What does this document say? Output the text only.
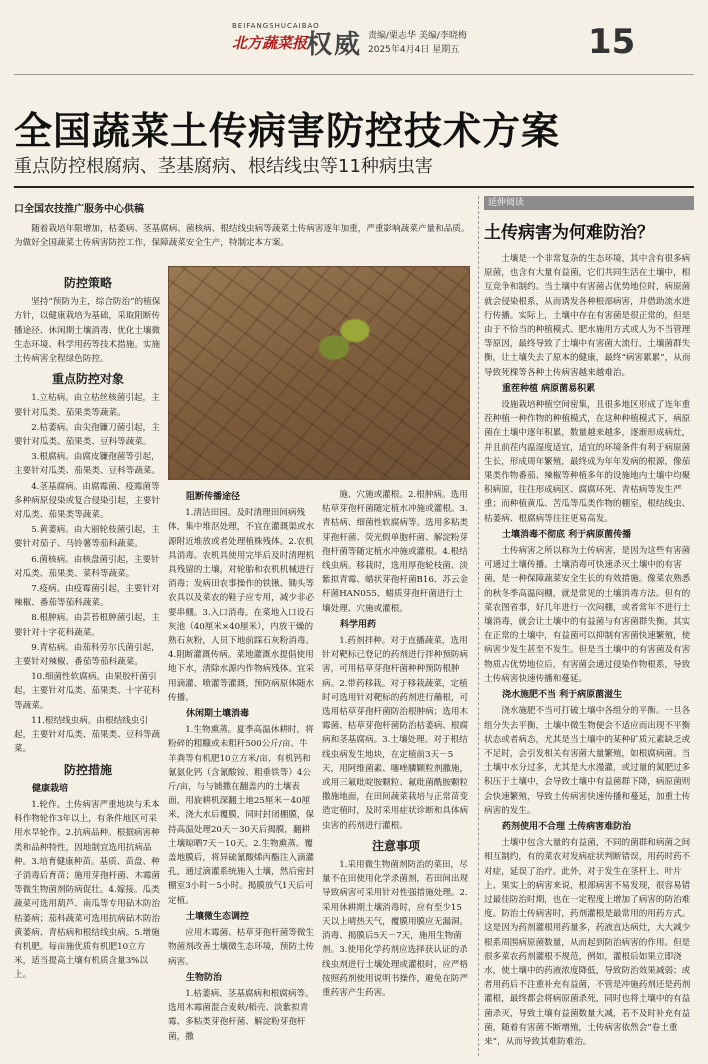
BEIFANGSHUCAIBAO
北方蔬菜报
权威 责编/栗志华 美编/李晓梅
2025年4月4日 星期五	15
全国蔬菜土传病害防控技术方案
重点防控根腐病、茎基腐病、根结线虫等11种病虫害
口全国农技推广服务中心供稿
随着栽培年限增加，枯萎病、茎基腐病、菌核病、根结线虫病等蔬菜土传病害逐年加重，严重影响蔬菜产量和品质。为做好全国蔬菜土传病害防控工作，保障蔬菜安全生产，特制定本方案。
防控策略

坚持“预防为主，综合防治”的植保方针，以健康栽培为基础，采取阻断传播途径、休闲期土壤消毒、优化土壤微生态环境、科学用药等技术措施。实施土传病害全程绿色防控。

重点防控对象

1.立枯病。由立枯丝核菌引起，主要针对瓜类、茄果类等蔬菜。

2.枯萎病。由尖孢镰刀菌引起，主要针对瓜类、茄果类、豆科等蔬菜。

3.根腐病。由腐皮镰孢菌等引起，主要针对瓜类、茄果类、豆科等蔬菜。

4.茎基腐病。由腐霉菌、疫霉菌等多种病原侵染或复合侵染引起，主要针对瓜类、茄果类等蔬菜。

5.黄萎病。由大丽轮枝菌引起，主要针对茄子、马铃薯等茄科蔬菜。

6.菌核病。由核盘菌引起，主要针对瓜类、茄果类、菜科等蔬菜。

7.疫病。由疫霉菌引起，主要针对辣椒、番茄等茄科蔬菜。

8.根肿病。由芸苔根肿菌引起，主要针对十字花科蔬菜。

9.青枯病。由茄科劳尔氏菌引起，主要针对辣椒、番茄等茄科蔬菜。

10.细菌性软腐病。由果胶杆菌引起，主要针对瓜类、茄果类、十字花科等蔬菜。

11.根结线虫病。由根结线虫引起，主要针对瓜类、茄果类、豆科等蔬菜。

防控措施
健康栽培

1.轮作。土传病害严重地块与禾本科作物轮作3年以上，有条件地区可采用水旱轮作。2.抗病品种。根据病害种类和品种特性，因地制宜选用抗病品种。3.培育健康种苗。基质、苗盘、种子消毒后育苗；施用芽孢杆菌、木霉菌等微生物菌剂防病促壮。4.嫁接。瓜类蔬菜可选用葫芦、南瓜等专用砧木防治枯萎病；茄科蔬菜可选用抗病砧木防治黄萎病、青枯病和根结线虫病。5.增施有机肥。每亩施优质有机肥10立方米，适当提高土壤有机质含量3%以上。

阻断传播途径

1.清洁田园。及时清理田间病残体，集中堆沤处理，不宜在灌溉渠或水源附近堆放或者处理植株残体。2.农机具消毒。农机具使用完毕后及时清理机具残留的土壤，对轮胎和农机机械进行消毒；发病田农事操作的铁锹、锄头等农具以及菜农的鞋子应专用，减少非必要串棚。3.入口消毒。在菜地入口设石灰池（40厘米×40厘米），内放干燥的熟石灰粉，人员下地前踩石灰粉消毒。4.阻断灌溉传病。菜地灌溉水提倡使用地下水，清除水源内作物病残体。宜采用滴灌、喷灌等灌溉，预防病原体随水传播。

休闲期土壤消毒

1.生物熏蒸。夏季高温休耕时，将粉碎的粗糠或未粗秆500公斤/亩、牛羊粪等有机肥10立方米/亩、有机钙和氰氨化钙（含氰酸铵、粗垂铁等）4公斤/亩，与与铺撒在翻盖内的土壤表面，用旋耕机深翻土地25厘米－40厘米，浇大水后覆膜，同时封闭棚膜，保持高温处理20天－30天后揭膜，翻耕土壤晾晒7天－10天。2.生物熏蒸。覆盖地膜后，将异硫氰酸烯丙酯注入滴灌孔，通过滴灌系统施入土壤，然后密封棚室3小时－5小时。揭膜放气1天后可定植。

土壤微生态调控

应用木霉菌、枯草芽孢杆菌等微生物菌剂改善土壤微生态环境，预防土传病害。

生物防治

1.枯萎病、茎基腐病和根腐病等。选用木霉菌混合麦麸/稻壳、淡紫拟青霉、多粘类芽孢杆菌、解淀粉芽孢杆菌，撒

施、穴施或灌根。2.根肿病。选用枯草芽孢杆菌随定植水冲施或灌根。3.青枯病、细菌性软腐病等。选用多粘类芽孢杆菌、荧光假单胞杆菌、解淀粉芽孢杆菌等随定植水冲施或灌根。4.根结线虫病。移栽时，选用厚孢轮枝菌、淡紫拟青霉、蜡状芽孢杆菌B16、苏云金杆菌HAN055、蜡质芽孢杆菌进行土壤处理、穴施或灌根。

科学用药

1.药剂拌种。对于直播蔬菜，选用针对靶标已登记的药剂进行拌种预防病害，可用枯草芽孢杆菌种种预防根肿病。2.带药移栽。对于移栽蔬菜，定植时可选用针对靶标的药剂进行蘸根，可选用枯草芽孢杆菌防治根肿病；选用木霉菌、枯草芽孢杆菌防治枯萎病、根腐病和茎基腐病。3.土壤处理。对于根结线虫病发生地块，在定植前3天－5天，用阿维菌素、噻唑膦颗粒剂撒施，或用三氟吡啶胺颗粒、氟吡菌酰胺颗粒撒施地面，在田间蔬菜栽培与正常苗变造定植时，及时采用症状诊断和具体病虫害的药剂进行灌根。

注意事项

1.采用微生物菌剂防治的菜田，尽量不在田使用化学杀菌剂，若田间出现导致病害可采用针对性强措施处理。2.采用休耕期土壤消毒时，应有至少15天以上晴热天气，覆膜用膜应无漏洞。消毒、揭膜后5天－7天，施用生物菌剂。3.使用化学药剂应选择获认证的杀线虫剂进行土壤处理或灌根时，应严格按照药剂使用说明书操作，避免在防严重药害产生药害。

延伸阅读
土传病害为何难防治？

土壤是一个非常复杂的生态环境，其中含有很多病原菌，也含有大量有益菌，它们共同生活在土壤中，相互竞争和制约。当土壤中有害菌占优势地位时，病原菌就会侵染根系，从而诱发各种根部病害，并借助流水进行传播。实际上，土壤中存在有害菌是很正常的，但是由于不恰当的种植模式、肥水施用方式或人为不当管理等原因，最终导致了土壤中有害菌大流行，土壤菌群失衡，让土壤失去了原本的健康，最终“病害累累”，从而导致死棵等各种土传病害越来越难治。

重茬种植 病原菌易积累

设施栽培种植空间密集，且很多地区形成了连年重茬种植一种作物的种植模式，在这种种植模式下，病原菌在土壤中逐年积累，数量越来越多，逐渐形成病灶，并且前茬内温湿度适宜，适宜的环境条件有利于病原菌生长，形成周年繁殖，最终成为年年发病的根源，像茄果类作物番茄、辣椒等种植多年的设施地内土壤中均聚积病原，往往形成病区、腐腐环死、青枯病等发生严重；而种植黄瓜、苦瓜等瓜类作物的棚室，根结线虫、枯萎病、根腐病等往往更易高发。

土壤消毒不彻底 利于病原菌传播

土传病害之所以称为土传病害，是因为这些有害菌可通过土壤传播。土壤消毒可快速杀灭土壤中的有害菌，是一种保障蔬菜安全生长的有效措施。像菜农熟悉的秋冬季高温闷棚，就是常见的土壤消毒方法。但有的菜农图省事，好几年进行一次闷棚，或者常年不进行土壤消毒，就会让土壤中的有益菌与有害菌群失衡。其实在正常的土壤中，有益菌可以抑制有害菌快速繁殖，使病害少发生甚至不发生。但是当土壤中的有害菌及有害物质占优势地位后，有害菌会通过侵染作物根系，导致土传病害快速传播和蔓延。

浇水施肥不当 利于病原菌滋生

浇水施肥不当可打破土壤中各组分的平衡。一旦各组分失去平衡，土壤中微生物便会不适应而出现不平衡状态或者病态，尤其是当土壤中的某种矿质元素缺乏或不足时，会引发相关有害菌大量繁殖，如根腐病菌。当土壤中水分过多，尤其是大水漫灌，或过量的氮肥过多积压于土壤中，会导致土壤中有益菌群下降，病原菌则会快速繁殖，导致土传病害快速传播和蔓延，加重土传病害的发生。

药剂使用不合理 土传病害难防治

土壤中包含大量的有益菌，不同的菌群和病菌之间相互制约，有的菜农对发病症状判断错误，用药时药不对症，延误了治疗。此外，对于发生在茎杆上、叶片上、果实上的病害来说，根部病害不易发现，很容易错过最佳防治时期，也在一定程度上增加了病害的防治难度。防治土传病害时，药剂灌根是最常用的用药方式。这是因为药剂灌根用药量多，药液直达病灶，大大减少根系周围病原菌数量，从而起到防治病害的作用。但是很多菜农药剂灌根不规范，例如，灌根后如果立即浇水，使土壤中的药液浓度降低，导致防治效果减弱；或者用药后不注重补充有益菌，不管是冲施药剂还是药剂灌根，最终都会将病原菌杀死，同时也将土壤中的有益菌杀灭，导致土壤有益菌数量大减，若不及时补充有益菌，随着有害菌不断增殖，土传病害依然会“卷土重来”，从而导致其难防难治。
